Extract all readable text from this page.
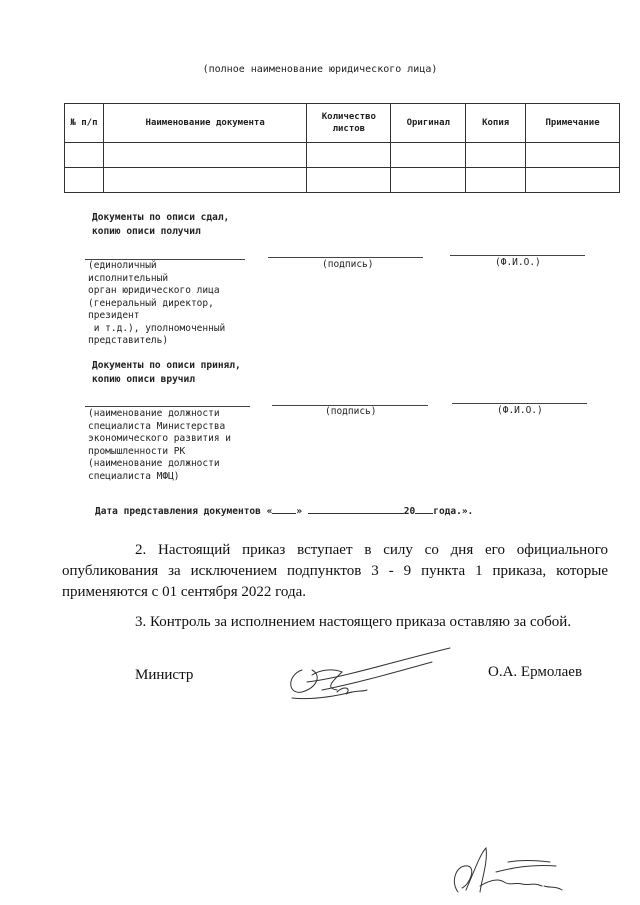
(полное наименование юридического лица)
№ п/п	Наименование документа	Количество листов	Оригинал	Копия	Примечание

Документы по описи сдал,
копию описи получил
(единоличный
исполнительный
орган юридического лица
(генеральный директор,
президент
и т.д.), уполномоченный
представитель)
(подпись)	(Ф.И.О.)
Документы по описи принял,
копию описи вручил
(наименование должности
специалиста Министерства
экономического развития и
промышленности РК
(наименование должности
специалиста МФЦ)
(подпись)	(Ф.И.О.)
Дата представления документов «	»	20 года.».
2. Настоящий приказ вступает в силу со дня его официального опубликования за исключением подпунктов 3 - 9 пункта 1 приказа, которые применяются с 01 сентября 2022 года.
3. Контроль за исполнением настоящего приказа оставляю за собой.
Министр	О.А. Ермолаев
